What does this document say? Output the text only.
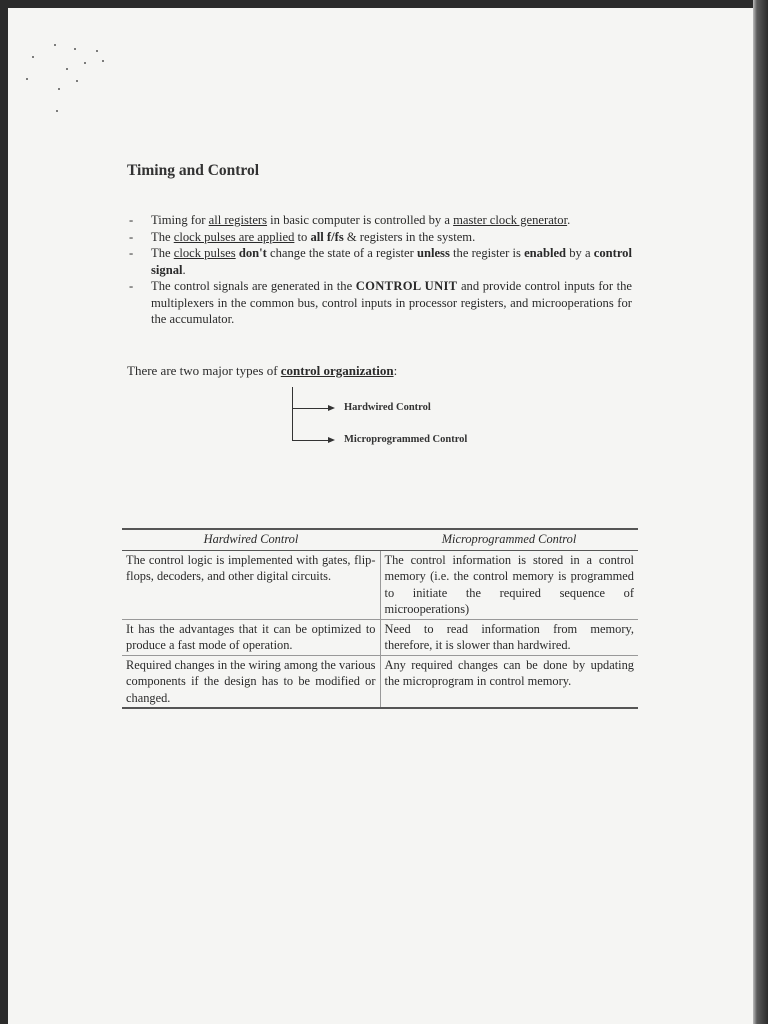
Timing and Control
- Timing for all registers in basic computer is controlled by a master clock generator.
- The clock pulses are applied to all f/fs & registers in the system.
- The clock pulses don't change the state of a register unless the register is enabled by a control signal.
- The control signals are generated in the CONTROL UNIT and provide control inputs for the multiplexers in the common bus, control inputs in processor registers, and microoperations for the accumulator.
There are two major types of control organization:
Hardwired Control
Microprogrammed Control
Hardwired Control	Microprogrammed Control
The control logic is implemented with gates, flip-flops, decoders, and other digital circuits.	The control information is stored in a control memory (i.e. the control memory is programmed to initiate the required sequence of microoperations)
It has the advantages that it can be optimized to produce a fast mode of operation.	Need to read information from memory, therefore, it is slower than hardwired.
Required changes in the wiring among the various components if the design has to be modified or changed.	Any required changes can be done by updating the microprogram in control memory.
